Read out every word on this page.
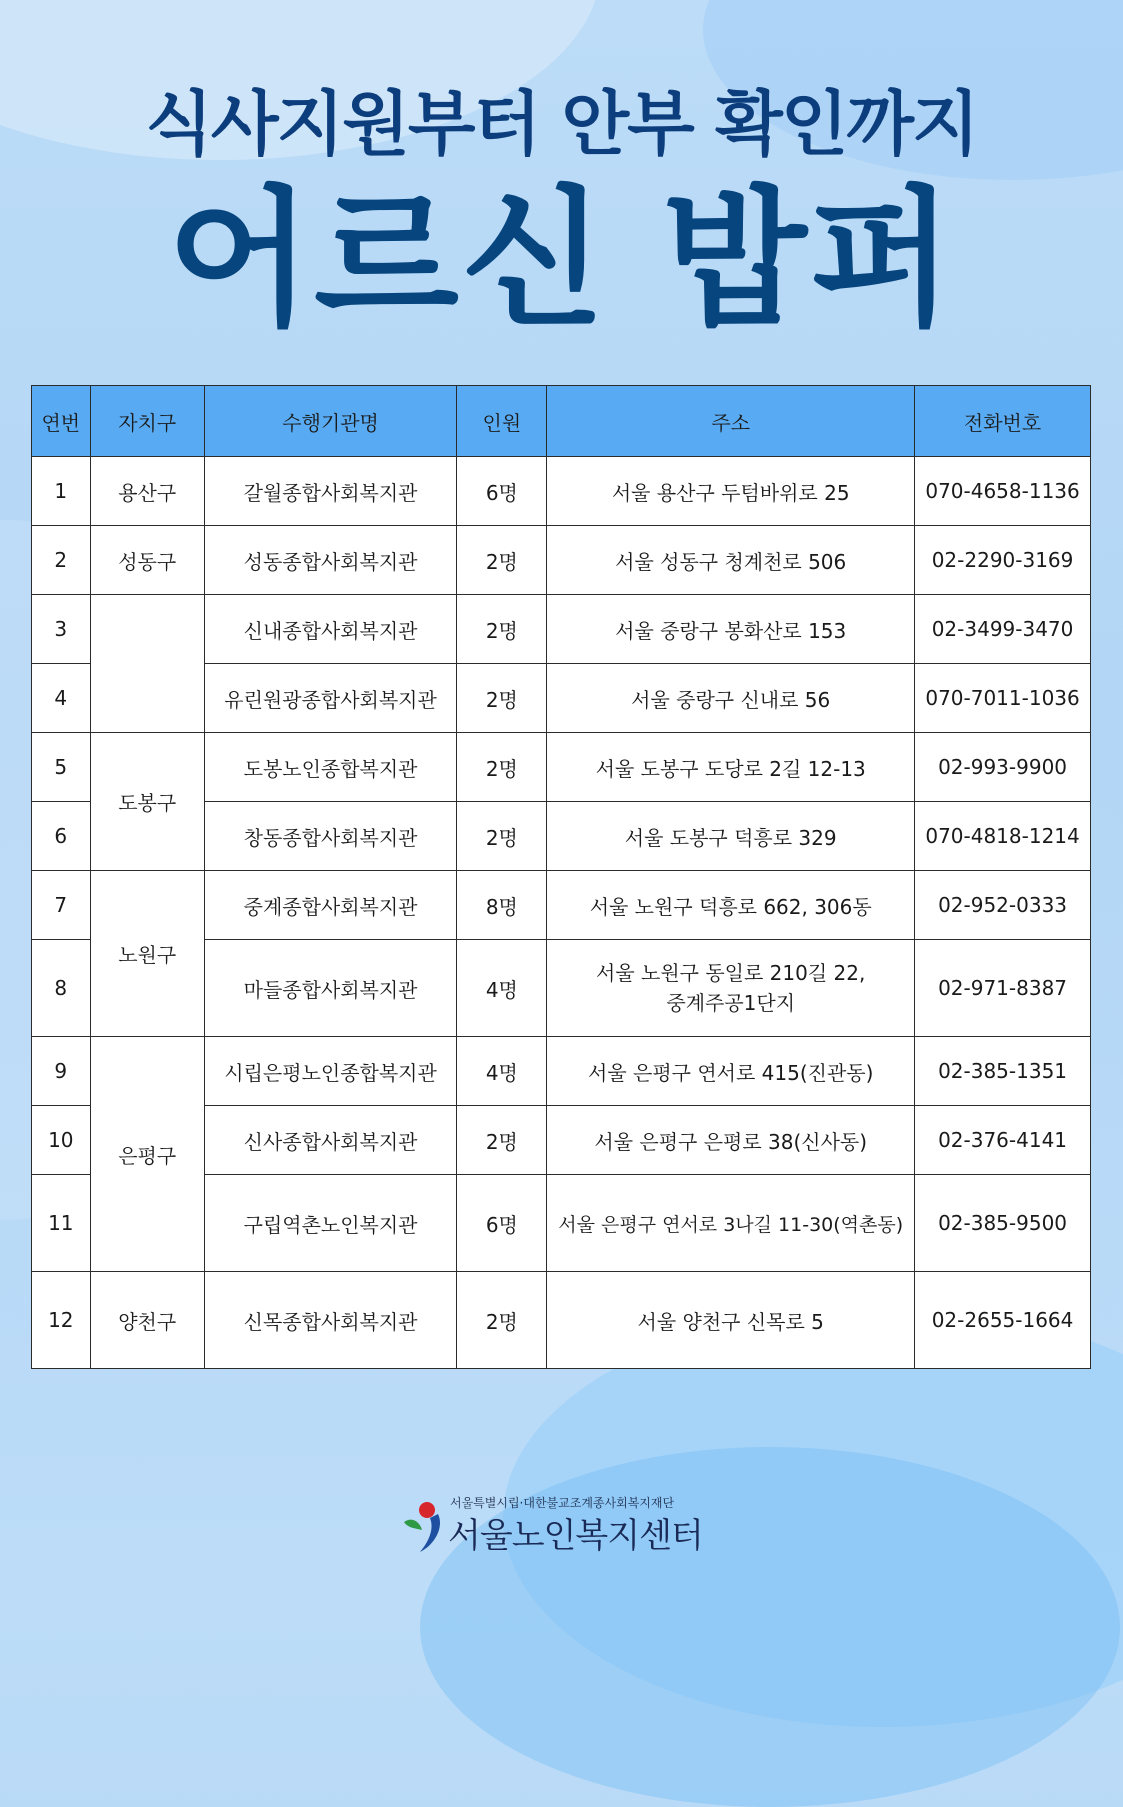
식사지원부터 안부 확인까지
어르신 밥퍼
연번	자치구	수행기관명	인원	주소	전화번호
1	용산구	갈월종합사회복지관	6명	서울 용산구 두텀바위로 25	070-4658-1136
2	성동구	성동종합사회복지관	2명	서울 성동구 청계천로 506	02-2290-3169
3		신내종합사회복지관	2명	서울 중랑구 봉화산로 153	02-3499-3470
4		유린원광종합사회복지관	2명	서울 중랑구 신내로 56	070-7011-1036
5	도봉구	도봉노인종합복지관	2명	서울 도봉구 도당로 2길 12-13	02-993-9900
6		창동종합사회복지관	2명	서울 도봉구 덕흥로 329	070-4818-1214
7	노원구	중계종합사회복지관	8명	서울 노원구 덕흥로 662, 306동	02-952-0333
8		마들종합사회복지관	4명	서울 노원구 동일로 210길 22,
중계주공1단지	02-971-8387
9	은평구	시립은평노인종합복지관	4명	서울 은평구 연서로 415(진관동)	02-385-1351
10		신사종합사회복지관	2명	서울 은평구 은평로 38(신사동)	02-376-4141
11		구립역촌노인복지관	6명	서울 은평구 연서로 3나길 11-30(역촌동)	02-385-9500
12	양천구	신목종합사회복지관	2명	서울 양천구 신목로 5	02-2655-1664
서울특별시립·대한불교조계종사회복지재단
서울노인복지센터
